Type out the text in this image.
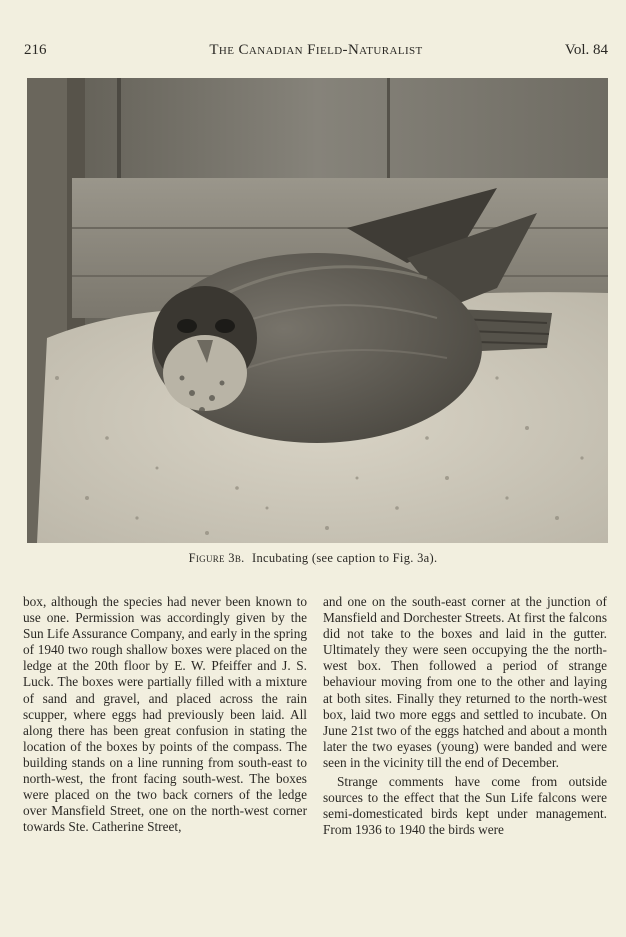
216	The Canadian Field-Naturalist	Vol. 84
Figure 3b. Incubating (see caption to Fig. 3a).

box, although the species had never been known to use one. Permission was accordingly given by the Sun Life Assurance Company, and early in the spring of 1940 two rough shallow boxes were placed on the ledge at the 20th floor by E. W. Pfeiffer and J. S. Luck. The boxes were partially filled with a mixture of sand and gravel, and placed across the rain scupper, where eggs had previously been laid. All along there has been great confusion in stating the location of the boxes by points of the compass. The building stands on a line running from south-east to north-west, the front facing south-west. The boxes were placed on the two back corners of the ledge over Mansfield Street, one on the north-west corner towards Ste. Catherine Street,

and one on the south-east corner at the junction of Mansfield and Dorchester Streets. At first the falcons did not take to the boxes and laid in the gutter. Ultimately they were seen occupying the the north-west box. Then followed a period of strange behaviour moving from one to the other and laying at both sites. Finally they returned to the north-west box, laid two more eggs and settled to incubate. On June 21st two of the eggs hatched and about a month later the two eyases (young) were banded and were seen in the vicinity till the end of December.

Strange comments have come from outside sources to the effect that the Sun Life falcons were semi-domesticated birds kept under management. From 1936 to 1940 the birds were
